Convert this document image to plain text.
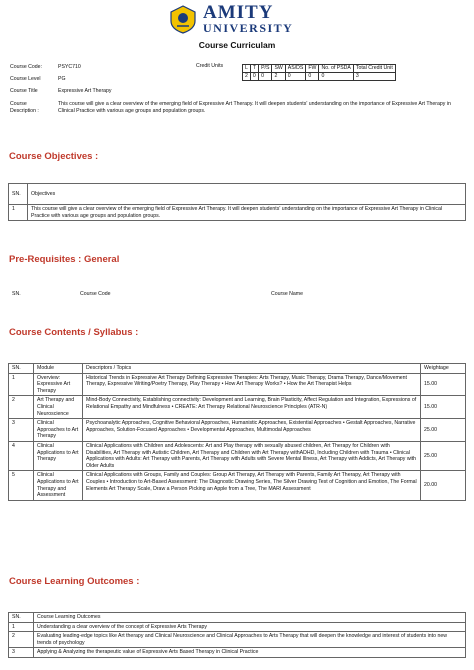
AMITY
UNIVERSITY
Course Curriculam
Course Code:	PSYC710
Course Level	PG
Course Title	Expressive Art Therapy
Course
Description :
This course will give a clear overview of the emerging field of Expressive Art Therapy. It will deepen students' understanding on the importance of Expressive Art Therapy in Clinical Practice with various age groups and population groups.
Credit Units	L	T	P/S	SW	AS/DS	FW	No. of PSDA	Total Credit Unit
2	0	0	2	0	0	0	3
Course Objectives :
SN.	Objectives
1	This course will give a clear overview of the emerging field of Expressive Art Therapy. It will deepen students' understanding on the importance of Expressive Art Therapy in Clinical Practice with various age groups and population groups.
Pre-Requisites : General
SN.	Course Code	Course Name
Course Contents / Syllabus :
SN.	Module	Descriptors / Topics	Weightage
1	Overview: Expressive Art Therapy	Historical Trends in Expressive Art Therapy Defining Expressive Therapies: Arts Therapy, Music Therapy, Drama Therapy, Dance/Movement Therapy, Expressive Writing/Poetry Therapy, Play Therapy • How Art Therapy Works? • How the Art Therapist Helps	15.00
2	Art Therapy and Clinical Neuroscience	Mind-Body Connectivity, Establishing connectivity: Development and Learning, Brain Plasticity, Affect Regulation and Integration, Expressions of Relational Empathy and Mindfulness • CREATE: Art Therapy Relational Neuroscience Principles (ATR-N)	15.00
3	Clinical Approaches to Art Therapy	Psychoanalytic Approaches, Cognitive Behavioral Approaches, Humanistic Approaches, Existential Approaches • Gestalt Approaches, Narrative Approaches, Solution-Focused Approaches • Developmental Approaches, Multimodal Approaches	25.00
4	Clinical Applications to Art Therapy	Clinical Applications with Children and Adolescents: Art and Play therapy with sexually abused children, Art Therapy for Children with Disabilities, Art Therapy with Autistic Children, Art Therapy and Children with Art Therapy withADHD, Including Children with Trauma • Clinical Applications with Adults: Art Therapy with Parents, Art Therapy with Adults with Severe Mental Illness, Art Therapy with Addicts, Art Therapy with Older Adults	25.00
5	Clinical Applications to Art Therapy and Assessment	Clinical Applications with Groups, Family and Couples: Group Art Therapy, Art Therapy with Parents, Family Art Therapy, Art Therapy with Couples • Introduction to Art-Based Assessment: The Diagnostic Drawing Series, The Silver Drawing Test of Cognition and Emotion, The Formal Elements Art Therapy Scale, Draw a Person Picking an Apple from a Tree, The MARI Assessment	20.00
Course Learning Outcomes :
SN.	Course Learning Outcomes
1	Understanding a clear overview of the concept of Expressive Arts Therapy
2	Evaluating leading-edge topics like Art therapy and Clinical Neuroscience and Clinical Approaches to Arts Therapy that will deepen the knowledge and interest of students into new trends of psychology
3	Applying & Analyzing the therapeutic value of Expressive Arts Based Therapy in Clinical Practice
